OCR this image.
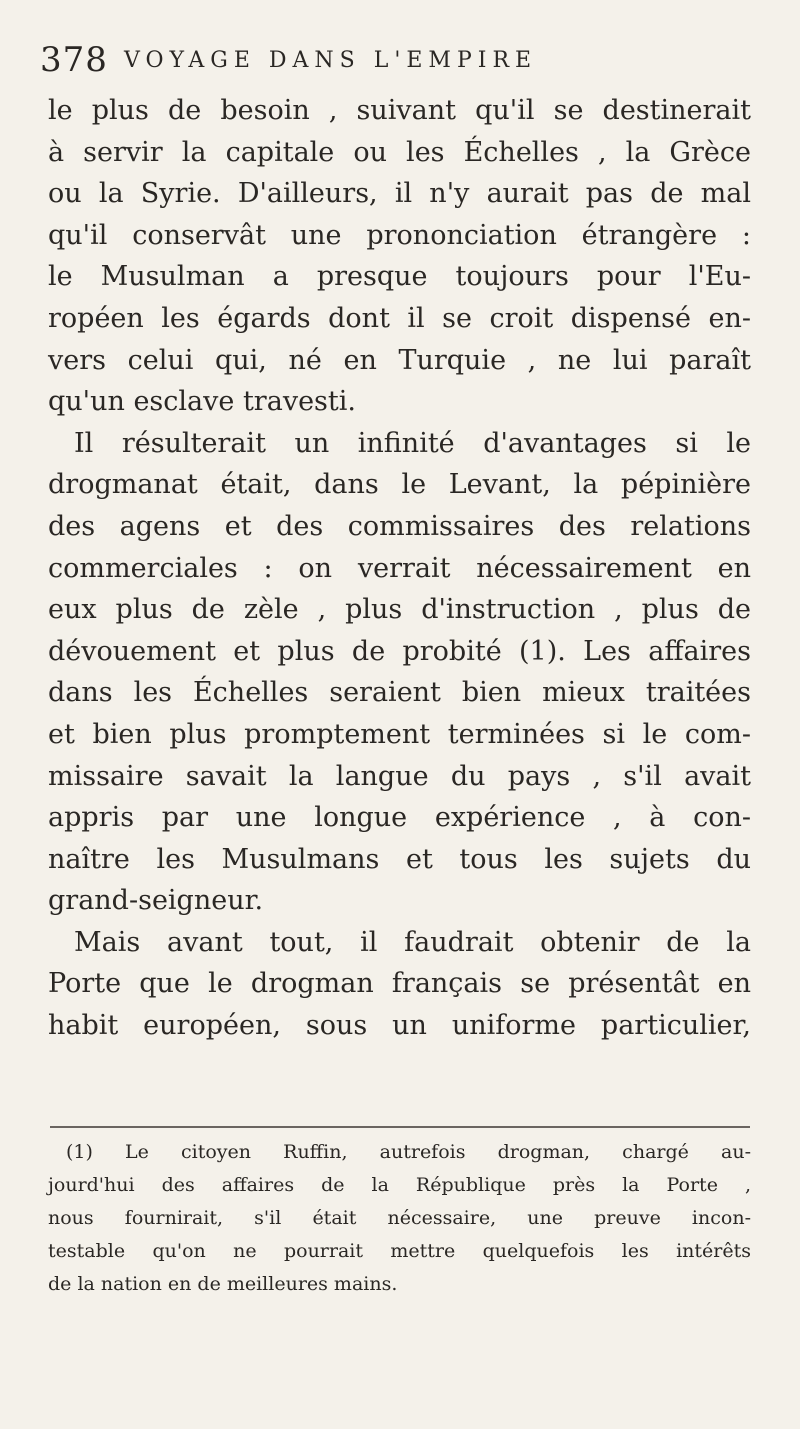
378 VOYAGE DANS L'EMPIRE
le plus de besoin , suivant qu'il se destinerait
à servir la capitale ou les Échelles , la Grèce
ou la Syrie. D'ailleurs, il n'y aurait pas de mal
qu'il conservât une prononciation étrangère :
le Musulman a presque toujours pour l'Eu-
ropéen les égards dont il se croit dispensé en-
vers celui qui, né en Turquie , ne lui paraît
qu'un esclave travesti.
Il résulterait un infinité d'avantages si le
drogmanat était, dans le Levant, la pépinière
des agens et des commissaires des relations
commerciales : on verrait nécessairement en
eux plus de zèle , plus d'instruction , plus de
dévouement et plus de probité (1). Les affaires
dans les Échelles seraient bien mieux traitées
et bien plus promptement terminées si le com-
missaire savait la langue du pays , s'il avait
appris par une longue expérience , à con-
naître les Musulmans et tous les sujets du
grand-seigneur.
Mais avant tout, il faudrait obtenir de la
Porte que le drogman français se présentât en
habit européen, sous un uniforme particulier,
(1) Le citoyen Ruffin, autrefois drogman, chargé au-
jourd'hui des affaires de la République près la Porte ,
nous fournirait, s'il était nécessaire, une preuve incon-
testable qu'on ne pourrait mettre quelquefois les intérêts
de la nation en de meilleures mains.
